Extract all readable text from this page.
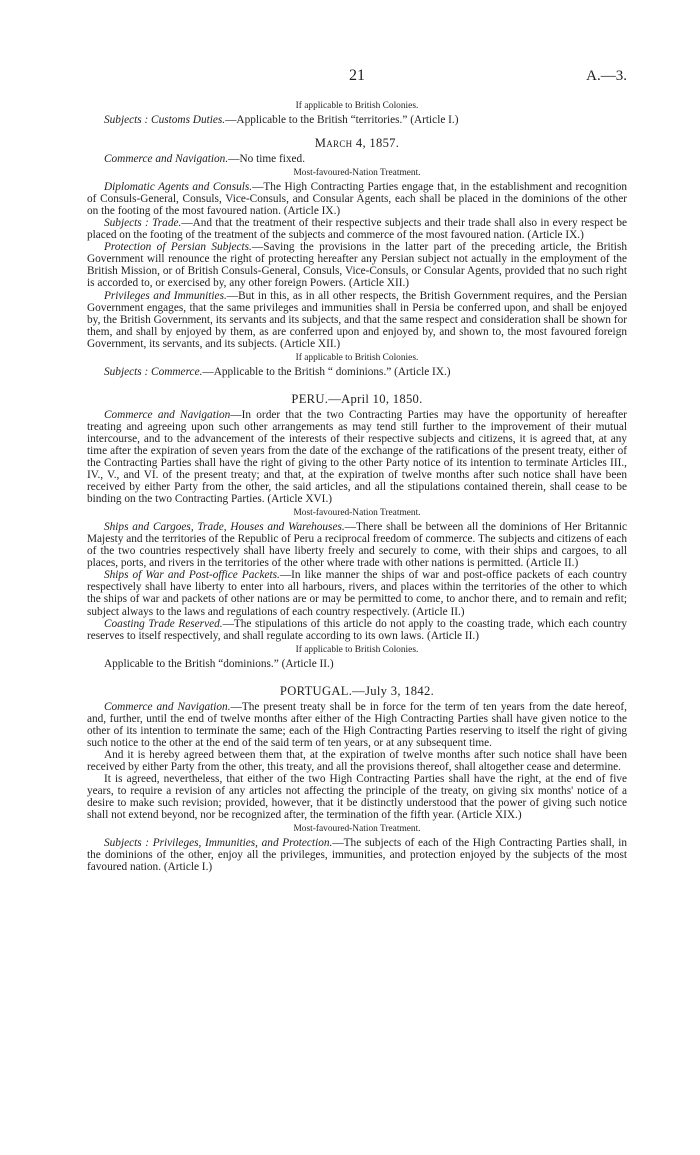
21	A.—3.

If applicable to British Colonies.

Subjects : Customs Duties.—Applicable to the British “territories.” (Article I.)

March 4, 1857.

Commerce and Navigation.—No time fixed.

Most-favoured-Nation Treatment.

Diplomatic Agents and Consuls.—The High Contracting Parties engage that, in the establishment and recognition of Consuls-General, Consuls, Vice-Consuls, and Consular Agents, each shall be placed in the dominions of the other on the footing of the most favoured nation. (Article IX.)

Subjects : Trade.—And that the treatment of their respective subjects and their trade shall also in every respect be placed on the footing of the treatment of the subjects and commerce of the most favoured nation. (Article IX.)

Protection of Persian Subjects.—Saving the provisions in the latter part of the preceding article, the British Government will renounce the right of protecting hereafter any Persian subject not actually in the employment of the British Mission, or of British Consuls-General, Consuls, Vice-Consuls, or Consular Agents, provided that no such right is accorded to, or exercised by, any other foreign Powers. (Article XII.)

Privileges and Immunities.—But in this, as in all other respects, the British Government requires, and the Persian Government engages, that the same privileges and immunities shall in Persia be conferred upon, and shall be enjoyed by, the British Government, its servants and its subjects, and that the same respect and consideration shall be shown for them, and shall by enjoyed by them, as are conferred upon and enjoyed by, and shown to, the most favoured foreign Government, its servants, and its subjects. (Article XII.)

If applicable to British Colonies.

Subjects : Commerce.—Applicable to the British “ dominions.” (Article IX.)

PERU.—April 10, 1850.

Commerce and Navigation—In order that the two Contracting Parties may have the opportunity of hereafter treating and agreeing upon such other arrangements as may tend still further to the improvement of their mutual intercourse, and to the advancement of the interests of their respective subjects and citizens, it is agreed that, at any time after the expiration of seven years from the date of the exchange of the ratifications of the present treaty, either of the Contracting Parties shall have the right of giving to the other Party notice of its intention to terminate Articles III., IV., V., and VI. of the present treaty; and that, at the expiration of twelve months after such notice shall have been received by either Party from the other, the said articles, and all the stipulations contained therein, shall cease to be binding on the two Contracting Parties. (Article XVI.)

Most-favoured-Nation Treatment.

Ships and Cargoes, Trade, Houses and Warehouses.—There shall be between all the dominions of Her Britannic Majesty and the territories of the Republic of Peru a reciprocal freedom of commerce. The subjects and citizens of each of the two countries respectively shall have liberty freely and securely to come, with their ships and cargoes, to all places, ports, and rivers in the territories of the other where trade with other nations is permitted. (Article II.)

Ships of War and Post-office Packets.—In like manner the ships of war and post-office packets of each country respectively shall have liberty to enter into all harbours, rivers, and places within the territories of the other to which the ships of war and packets of other nations are or may be permitted to come, to anchor there, and to remain and refit; subject always to the laws and regulations of each country respectively. (Article II.)

Coasting Trade Reserved.—The stipulations of this article do not apply to the coasting trade, which each country reserves to itself respectively, and shall regulate according to its own laws. (Article II.)

If applicable to British Colonies.

Applicable to the British “dominions.” (Article II.)

PORTUGAL.—July 3, 1842.

Commerce and Navigation.—The present treaty shall be in force for the term of ten years from the date hereof, and, further, until the end of twelve months after either of the High Contracting Parties shall have given notice to the other of its intention to terminate the same; each of the High Contracting Parties reserving to itself the right of giving such notice to the other at the end of the said term of ten years, or at any subsequent time.

And it is hereby agreed between them that, at the expiration of twelve months after such notice shall have been received by either Party from the other, this treaty, and all the provisions thereof, shall altogether cease and determine.

It is agreed, nevertheless, that either of the two High Contracting Parties shall have the right, at the end of five years, to require a revision of any articles not affecting the principle of the treaty, on giving six months' notice of a desire to make such revision; provided, however, that it be distinctly understood that the power of giving such notice shall not extend beyond, nor be recognized after, the termination of the fifth year. (Article XIX.)

Most-favoured-Nation Treatment.

Subjects : Privileges, Immunities, and Protection.—The subjects of each of the High Contracting Parties shall, in the dominions of the other, enjoy all the privileges, immunities, and protection enjoyed by the subjects of the most favoured nation. (Article I.)
